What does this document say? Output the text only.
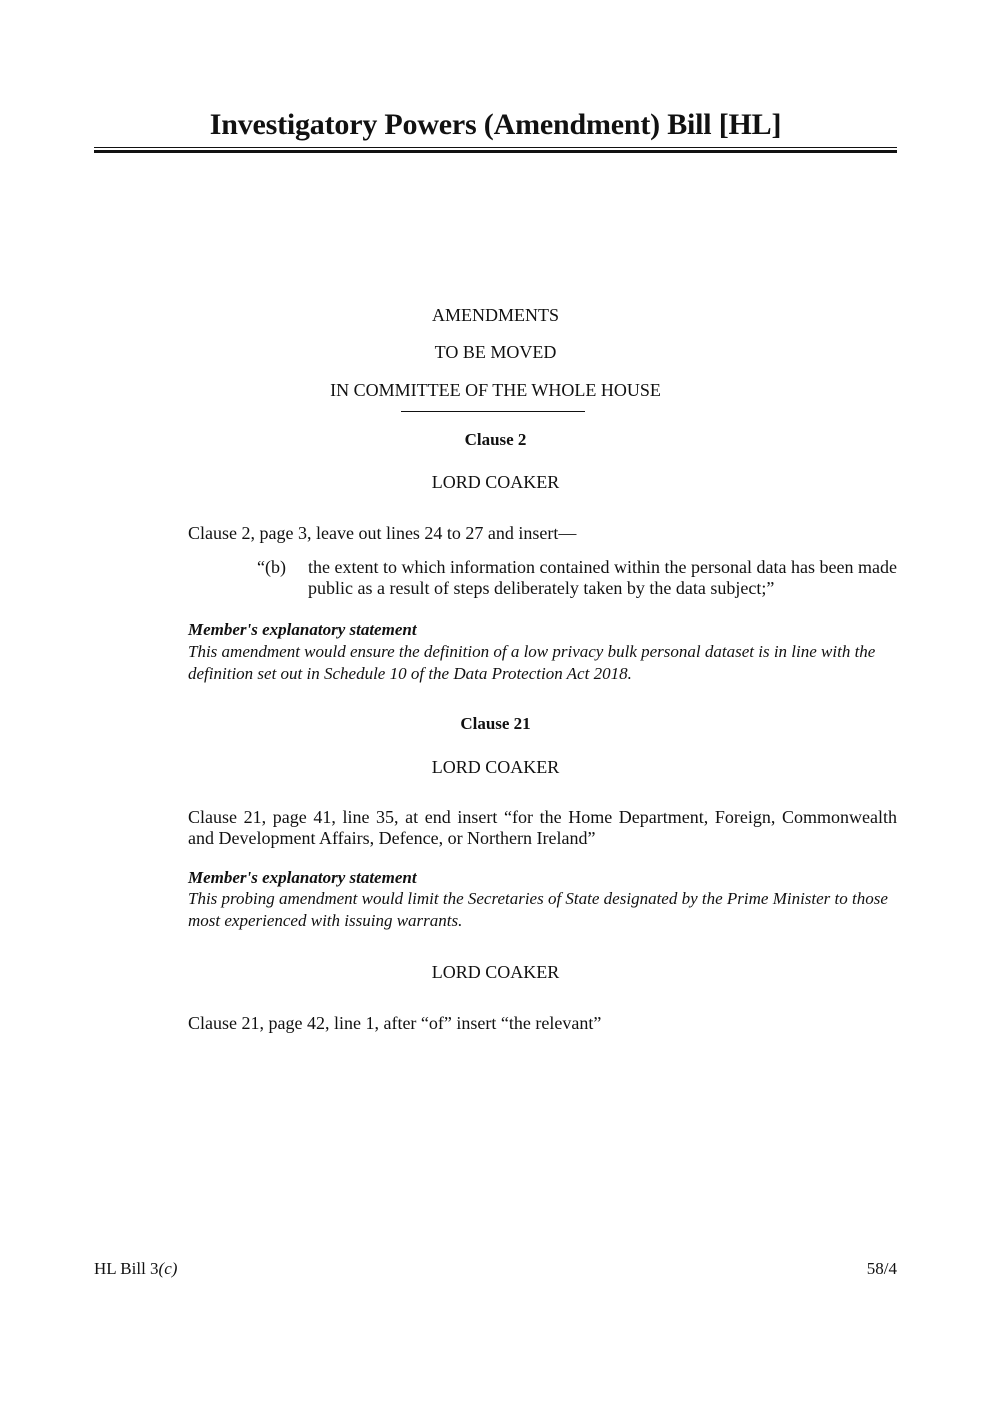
Investigatory Powers (Amendment) Bill [HL]
AMENDMENTS
TO BE MOVED
IN COMMITTEE OF THE WHOLE HOUSE
Clause 2
LORD COAKER
Clause 2, page 3, leave out lines 24 to 27 and insert—
“(b) the extent to which information contained within the personal data has been made public as a result of steps deliberately taken by the data subject;”
Member's explanatory statement
This amendment would ensure the definition of a low privacy bulk personal dataset is in line with the definition set out in Schedule 10 of the Data Protection Act 2018.
Clause 21
LORD COAKER
Clause 21, page 41, line 35, at end insert “for the Home Department, Foreign, Commonwealth and Development Affairs, Defence, or Northern Ireland”
Member's explanatory statement
This probing amendment would limit the Secretaries of State designated by the Prime Minister to those most experienced with issuing warrants.
LORD COAKER
Clause 21, page 42, line 1, after “of” insert “the relevant”
HL Bill 3(c)	58/4
